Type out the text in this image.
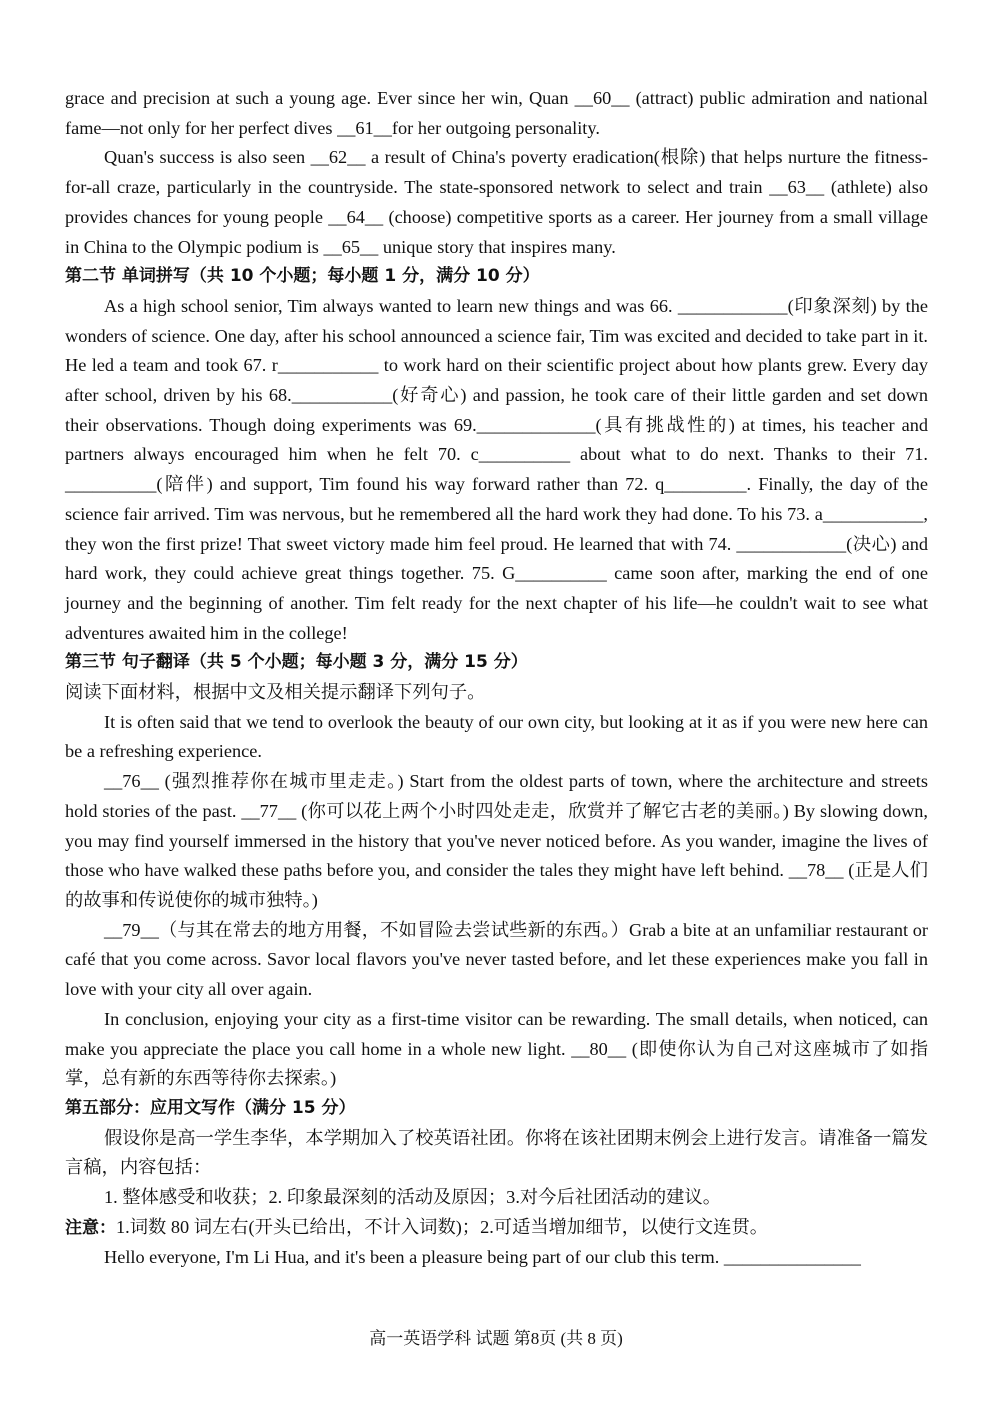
grace and precision at such a young age. Ever since her win, Quan __60__ (attract) public admiration and national fame—not only for her perfect dives __61__for her outgoing personality.

Quan's success is also seen __62__ a result of China's poverty eradication(根除) that helps nurture the fitness-for-all craze, particularly in the countryside. The state-sponsored network to select and train __63__ (athlete) also provides chances for young people __64__ (choose) competitive sports as a career. Her journey from a small village in China to the Olympic podium is __65__ unique story that inspires many.

第二节 单词拼写（共 10 个小题；每小题 1 分，满分 10 分）

As a high school senior, Tim always wanted to learn new things and was 66. ____________(印象深刻) by the wonders of science. One day, after his school announced a science fair, Tim was excited and decided to take part in it. He led a team and took 67. r___________ to work hard on their scientific project about how plants grew. Every day after school, driven by his 68.___________(好奇心) and passion, he took care of their little garden and set down their observations. Though doing experiments was 69._____________(具有挑战性的) at times, his teacher and partners always encouraged him when he felt 70. c__________ about what to do next. Thanks to their 71. __________(陪伴) and support, Tim found his way forward rather than 72. q_________. Finally, the day of the science fair arrived. Tim was nervous, but he remembered all the hard work they had done. To his 73. a___________, they won the first prize! That sweet victory made him feel proud. He learned that with 74. ____________(决心) and hard work, they could achieve great things together. 75. G__________ came soon after, marking the end of one journey and the beginning of another. Tim felt ready for the next chapter of his life—he couldn't wait to see what adventures awaited him in the college!

第三节 句子翻译（共 5 个小题；每小题 3 分，满分 15 分）

阅读下面材料，根据中文及相关提示翻译下列句子。

It is often said that we tend to overlook the beauty of our own city, but looking at it as if you were new here can be a refreshing experience.

__76__ (强烈推荐你在城市里走走。) Start from the oldest parts of town, where the architecture and streets hold stories of the past. __77__ (你可以花上两个小时四处走走，欣赏并了解它古老的美丽。) By slowing down, you may find yourself immersed in the history that you've never noticed before. As you wander, imagine the lives of those who have walked these paths before you, and consider the tales they might have left behind. __78__ (正是人们的故事和传说使你的城市独特。)

__79__（与其在常去的地方用餐，不如冒险去尝试些新的东西。）Grab a bite at an unfamiliar restaurant or café that you come across. Savor local flavors you've never tasted before, and let these experiences make you fall in love with your city all over again.

In conclusion, enjoying your city as a first-time visitor can be rewarding. The small details, when noticed, can make you appreciate the place you call home in a whole new light. __80__ (即使你认为自己对这座城市了如指掌，总有新的东西等待你去探索。)

第五部分：应用文写作（满分 15 分）

假设你是高一学生李华，本学期加入了校英语社团。你将在该社团期末例会上进行发言。请准备一篇发言稿，内容包括：

1. 整体感受和收获；2. 印象最深刻的活动及原因；3.对今后社团活动的建议。

注意：1.词数 80 词左右(开头已给出，不计入词数)；2.可适当增加细节，以使行文连贯。

Hello everyone, I'm Li Hua, and it's been a pleasure being part of our club this term. _______________

高一英语学科 试题 第8页 (共 8 页)
